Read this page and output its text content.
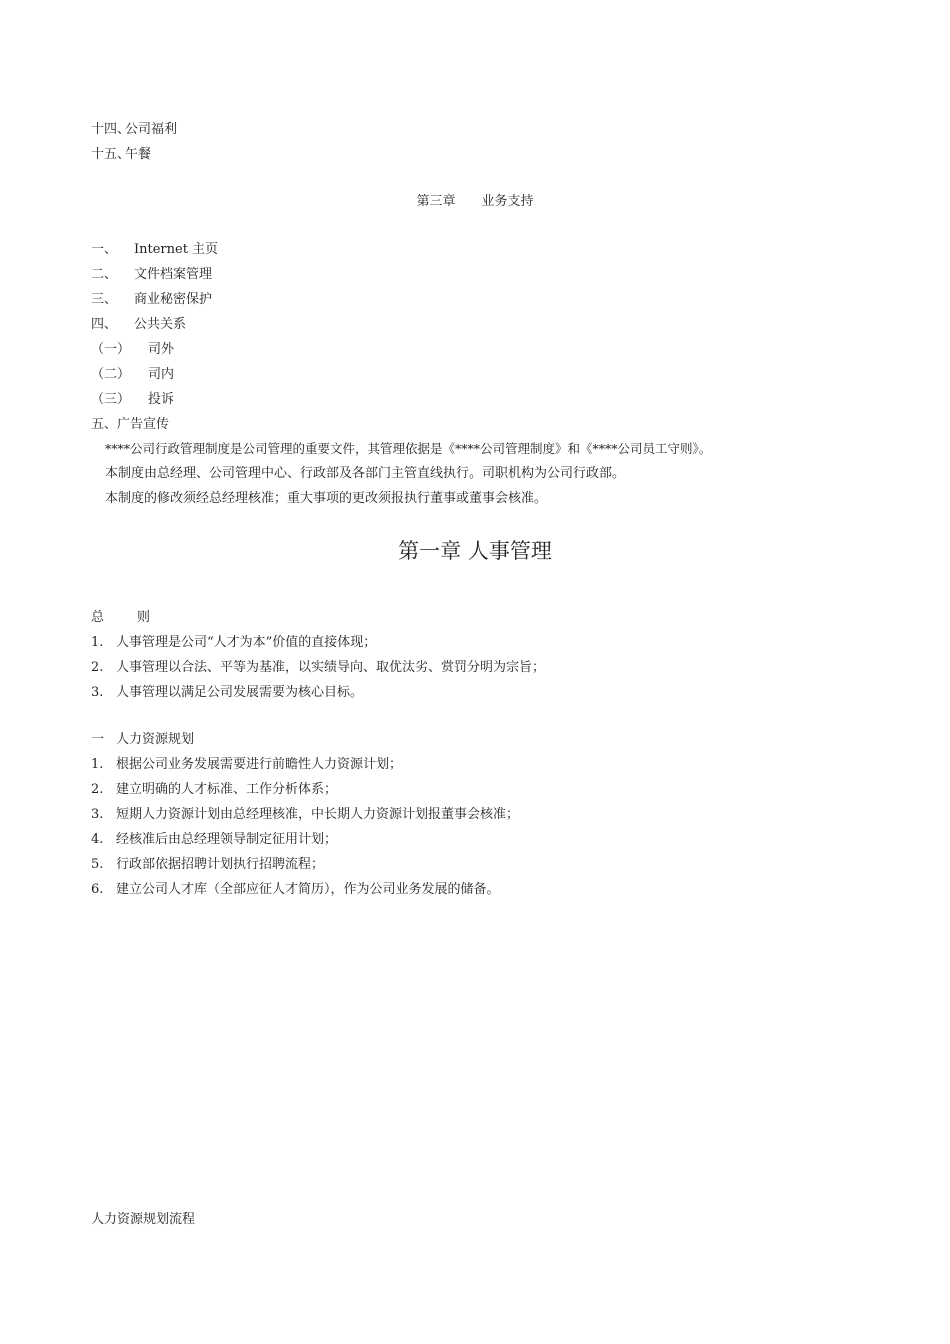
十四、公司福利
十五、午餐
第三章 业务支持
一、 Internet 主页
二、 文件档案管理
三、 商业秘密保护
四、 公共关系
（一） 司外
（二） 司内
（三） 投诉
五、广告宣传
****公司行政管理制度是公司管理的重要文件，其管理依据是《****公司管理制度》和《****公司员工守则》。
本制度由总经理、公司管理中心、行政部及各部门主管直线执行。司职机构为公司行政部。
本制度的修改须经总经理核准；重大事项的更改须报执行董事或董事会核准。
第一章 人事管理
总	则
1. 人事管理是公司“人才为本”价值的直接体现；
2. 人事管理以合法、平等为基准，以实绩导向、取优汰劣、赏罚分明为宗旨；
3. 人事管理以满足公司发展需要为核心目标。
一 人力资源规划
1. 根据公司业务发展需要进行前瞻性人力资源计划；
2. 建立明确的人才标准、工作分析体系；
3. 短期人力资源计划由总经理核准，中长期人力资源计划报董事会核准；
4. 经核准后由总经理领导制定征用计划；
5. 行政部依据招聘计划执行招聘流程；
6. 建立公司人才库（全部应征人才简历），作为公司业务发展的储备。
人力资源规划流程
